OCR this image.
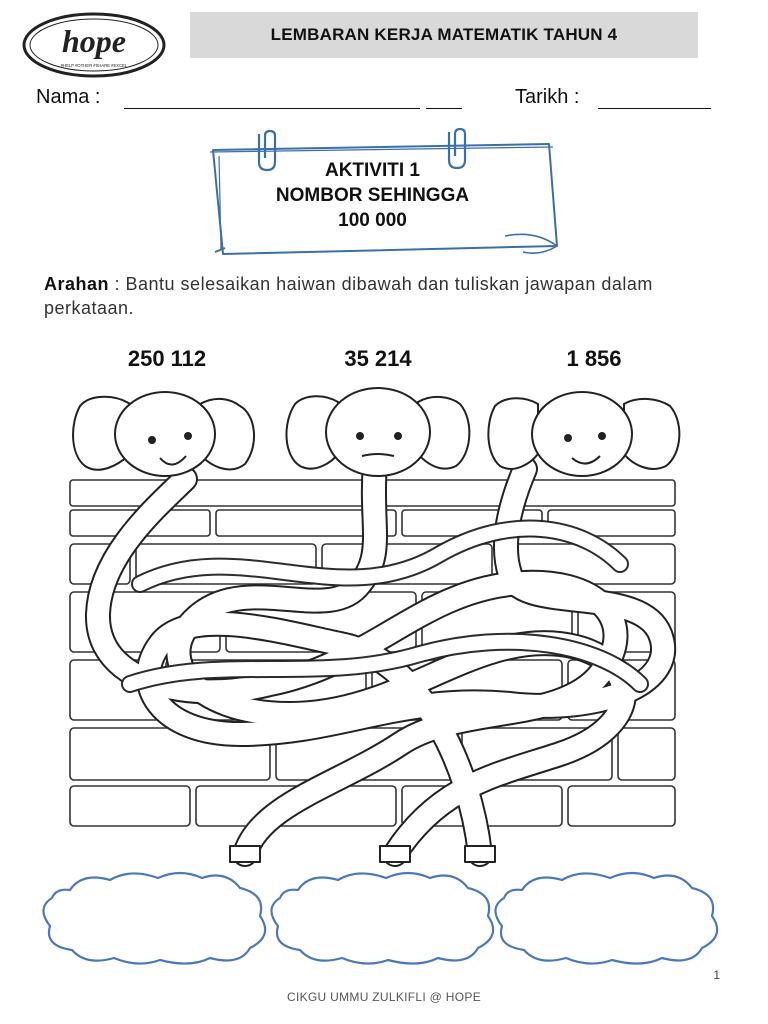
hope
#HELP #OTHER #SHARE #EXCEL
LEMBARAN KERJA MATEMATIK TAHUN 4
Nama :	Tarikh :
AKTIVITI 1
NOMBOR SEHINGGA
100 000
Arahan : Bantu selesaikan haiwan dibawah dan tuliskan jawapan dalam perkataan.
250 112	35 214	1 856
1
CIKGU UMMU ZULKIFLI @ HOPE
